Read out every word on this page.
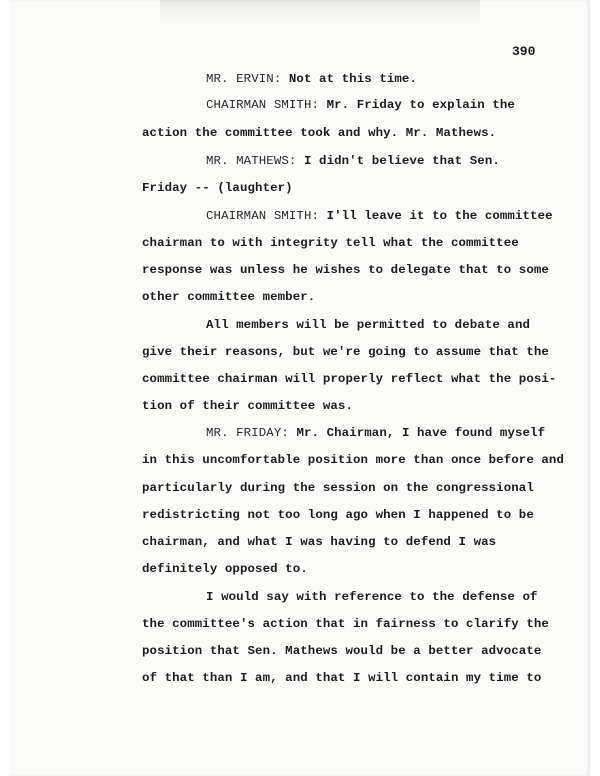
390
MR. ERVIN: Not at this time.
CHAIRMAN SMITH: Mr. Friday to explain the
action the committee took and why. Mr. Mathews.
MR. MATHEWS: I didn't believe that Sen.
Friday -- (laughter)
CHAIRMAN SMITH: I'll leave it to the committee
chairman to with integrity tell what the committee
response was unless he wishes to delegate that to some
other committee member.
All members will be permitted to debate and
give their reasons, but we're going to assume that the
committee chairman will properly reflect what the posi-
tion of their committee was.
MR. FRIDAY: Mr. Chairman, I have found myself
in this uncomfortable position more than once before and
particularly during the session on the congressional
redistricting not too long ago when I happened to be
chairman, and what I was having to defend I was
definitely opposed to.
I would say with reference to the defense of
the committee's action that in fairness to clarify the
position that Sen. Mathews would be a better advocate
of that than I am, and that I will contain my time to
